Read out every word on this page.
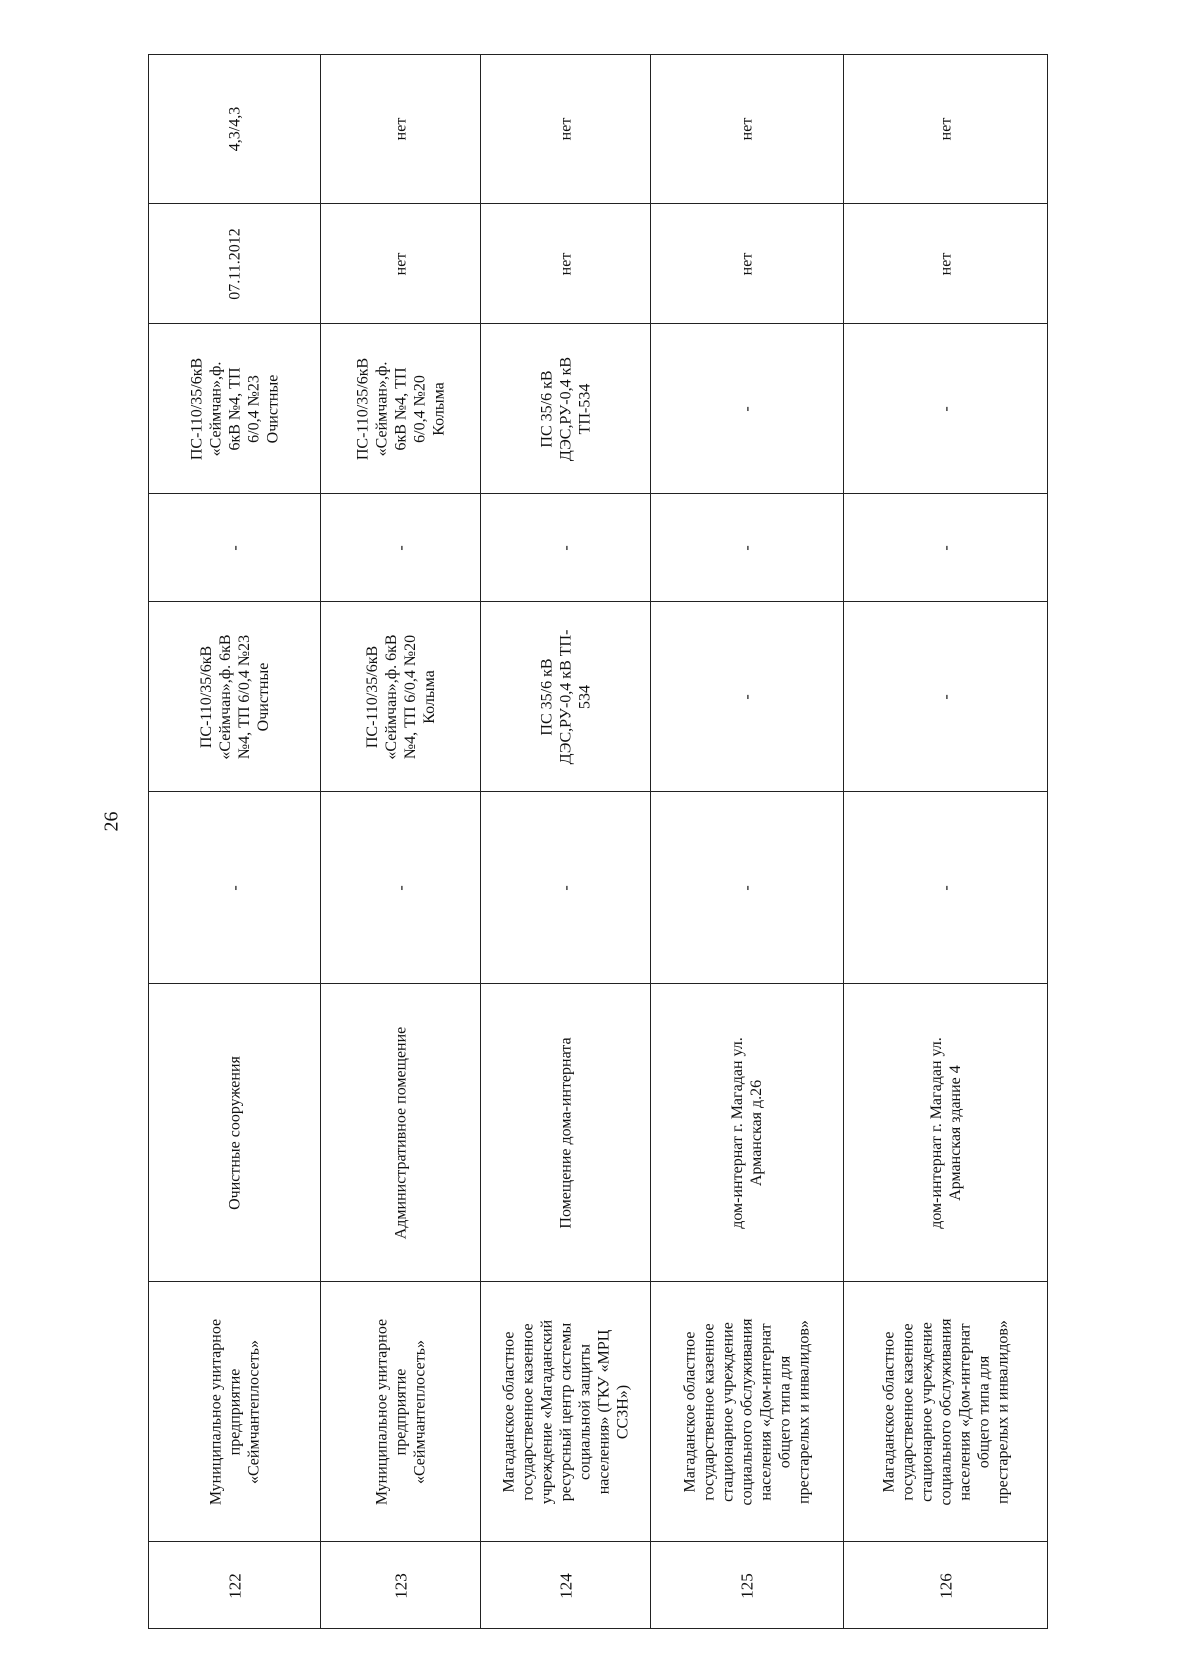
26
4,3/4,3
07.11.2012
ПС-110/35/6кВ
«Сеймчан»,ф.
6кВ №4, ТП
6/0,4 №23
Очистные
-
ПС-110/35/6кВ
«Сеймчан»,ф. 6кВ
№4, ТП 6/0,4 №23
Очистные
-
Очистные сооружения
Муниципальное унитарное
предприятие
«Сеймчантеплосеть»
122
нет
нет
ПС-110/35/6кВ
«Сеймчан»,ф.
6кВ №4, ТП
6/0,4 №20
Колыма
-
ПС-110/35/6кВ
«Сеймчан»,ф. 6кВ
№4, ТП 6/0,4 №20
Колыма
-
Административное помещение
Муниципальное унитарное
предприятие
«Сеймчантеплосеть»
123
нет
нет
ПС 35/6 кВ
ДЭС,РУ-0,4 кВ
ТП-534
-
ПС 35/6 кВ
ДЭС,РУ-0,4 кВ ТП-
534
-
Помещение дома-интерната
Магаданское областное
государственное казенное
учреждение «Магаданский
ресурсный центр системы
социальной защиты
населения» (ГКУ «МРЦ
ССЗН»)
124
нет
нет
-
-
-
-
дом-интернат г. Магадан ул.
Арманская д.26
Магаданское областное
государственное казенное
стационарное учреждение
социального обслуживания
населения «Дом-интернат
общего типа для
престарелых и инвалидов»
125
нет
нет
-
-
-
-
дом-интернат г. Магадан ул.
Арманская здание 4
Магаданское областное
государственное казенное
стационарное учреждение
социального обслуживания
населения «Дом-интернат
общего типа для
престарелых и инвалидов»
126
